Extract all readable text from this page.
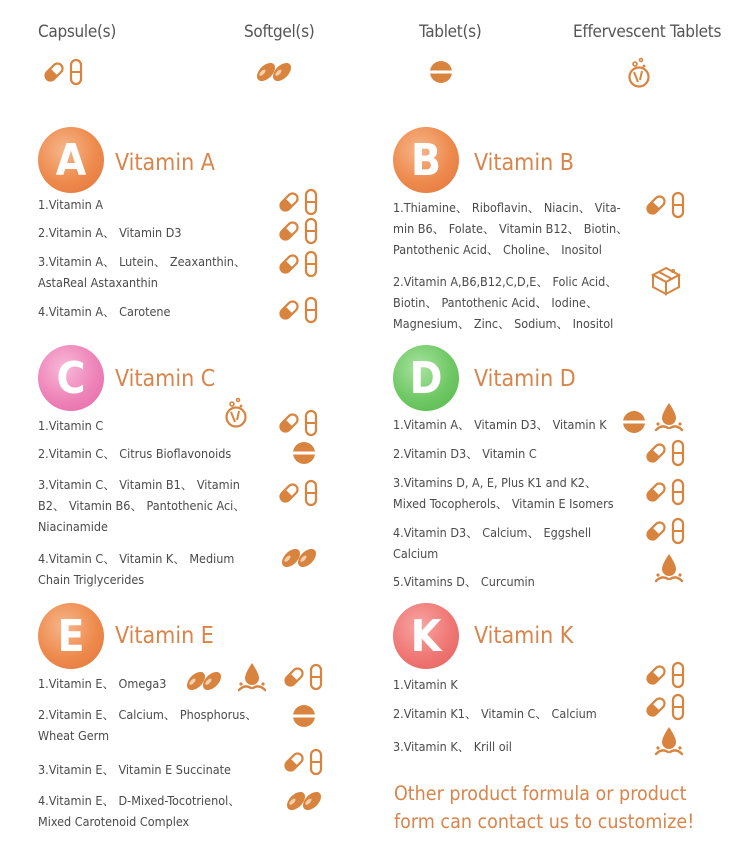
Capsule(s)	Softgel(s)	Tablet(s)	Effervescent Tablets
A	Vitamin A
1.Vitamin A
2.Vitamin A、 Vitamin D3
3.Vitamin A、 Lutein、 Zeaxanthin、
AstaReal Astaxanthin
4.Vitamin A、 Carotene
B	Vitamin B
1.Thiamine、 Riboflavin、 Niacin、 Vita-
min B6、 Folate、 Vitamin B12、 Biotin、
Pantothenic Acid、 Choline、 Inositol
2.Vitamin A,B6,B12,C,D,E、 Folic Acid、
Biotin、 Pantothenic Acid、 Iodine、
Magnesium、 Zinc、 Sodium、 Inositol
C	Vitamin C
1.Vitamin C
2.Vitamin C、 Citrus Bioflavonoids
3.Vitamin C、 Vitamin B1、 Vitamin
B2、 Vitamin B6、 Pantothenic Aci、
Niacinamide
4.Vitamin C、 Vitamin K、 Medium
Chain Triglycerides
D	Vitamin D
1.Vitamin A、 Vitamin D3、 Vitamin K
2.Vitamin D3、 Vitamin C
3.Vitamins D, A, E, Plus K1 and K2、
Mixed Tocopherols、 Vitamin E Isomers
4.Vitamin D3、 Calcium、 Eggshell
Calcium
5.Vitamins D、 Curcumin
E	Vitamin E
1.Vitamin E、 Omega3
2.Vitamin E、 Calcium、 Phosphorus、
Wheat Germ
3.Vitamin E、 Vitamin E Succinate
4.Vitamin E、 D-Mixed-Tocotrienol、
Mixed Carotenoid Complex
K	Vitamin K
1.Vitamin K
2.Vitamin K1、 Vitamin C、 Calcium
3.Vitamin K、 Krill oil
Other product formula or product
form can contact us to customize!
